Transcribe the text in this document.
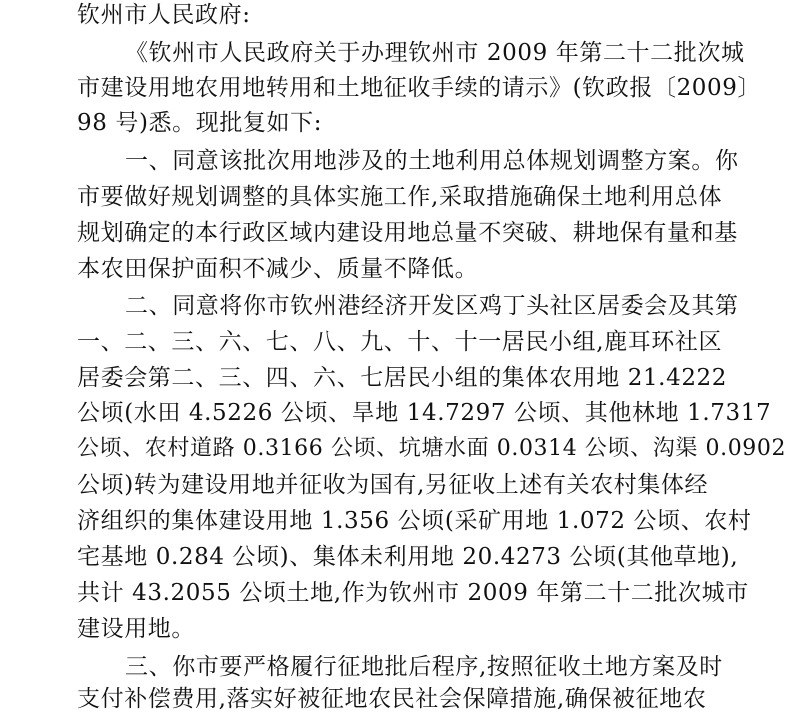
钦州市人民政府:
《钦州市人民政府关于办理钦州市 2009 年第二十二批次城
市建设用地农用地转用和土地征收手续的请示》(钦政报〔2009〕
98 号)悉。现批复如下:
一、同意该批次用地涉及的土地利用总体规划调整方案。你
市要做好规划调整的具体实施工作,采取措施确保土地利用总体
规划确定的本行政区域内建设用地总量不突破、耕地保有量和基
本农田保护面积不减少、质量不降低。
二、同意将你市钦州港经济开发区鸡丁头社区居委会及其第
一、二、三、六、七、八、九、十、十一居民小组,鹿耳环社区
居委会第二、三、四、六、七居民小组的集体农用地 21.4222
公顷(水田 4.5226 公顷、旱地 14.7297 公顷、其他林地 1.7317
公顷、农村道路 0.3166 公顷、坑塘水面 0.0314 公顷、沟渠 0.0902
公顷)转为建设用地并征收为国有,另征收上述有关农村集体经
济组织的集体建设用地 1.356 公顷(采矿用地 1.072 公顷、农村
宅基地 0.284 公顷)、集体未利用地 20.4273 公顷(其他草地),
共计 43.2055 公顷土地,作为钦州市 2009 年第二十二批次城市
建设用地。
三、你市要严格履行征地批后程序,按照征收土地方案及时
支付补偿费用,落实好被征地农民社会保障措施,确保被征地农
